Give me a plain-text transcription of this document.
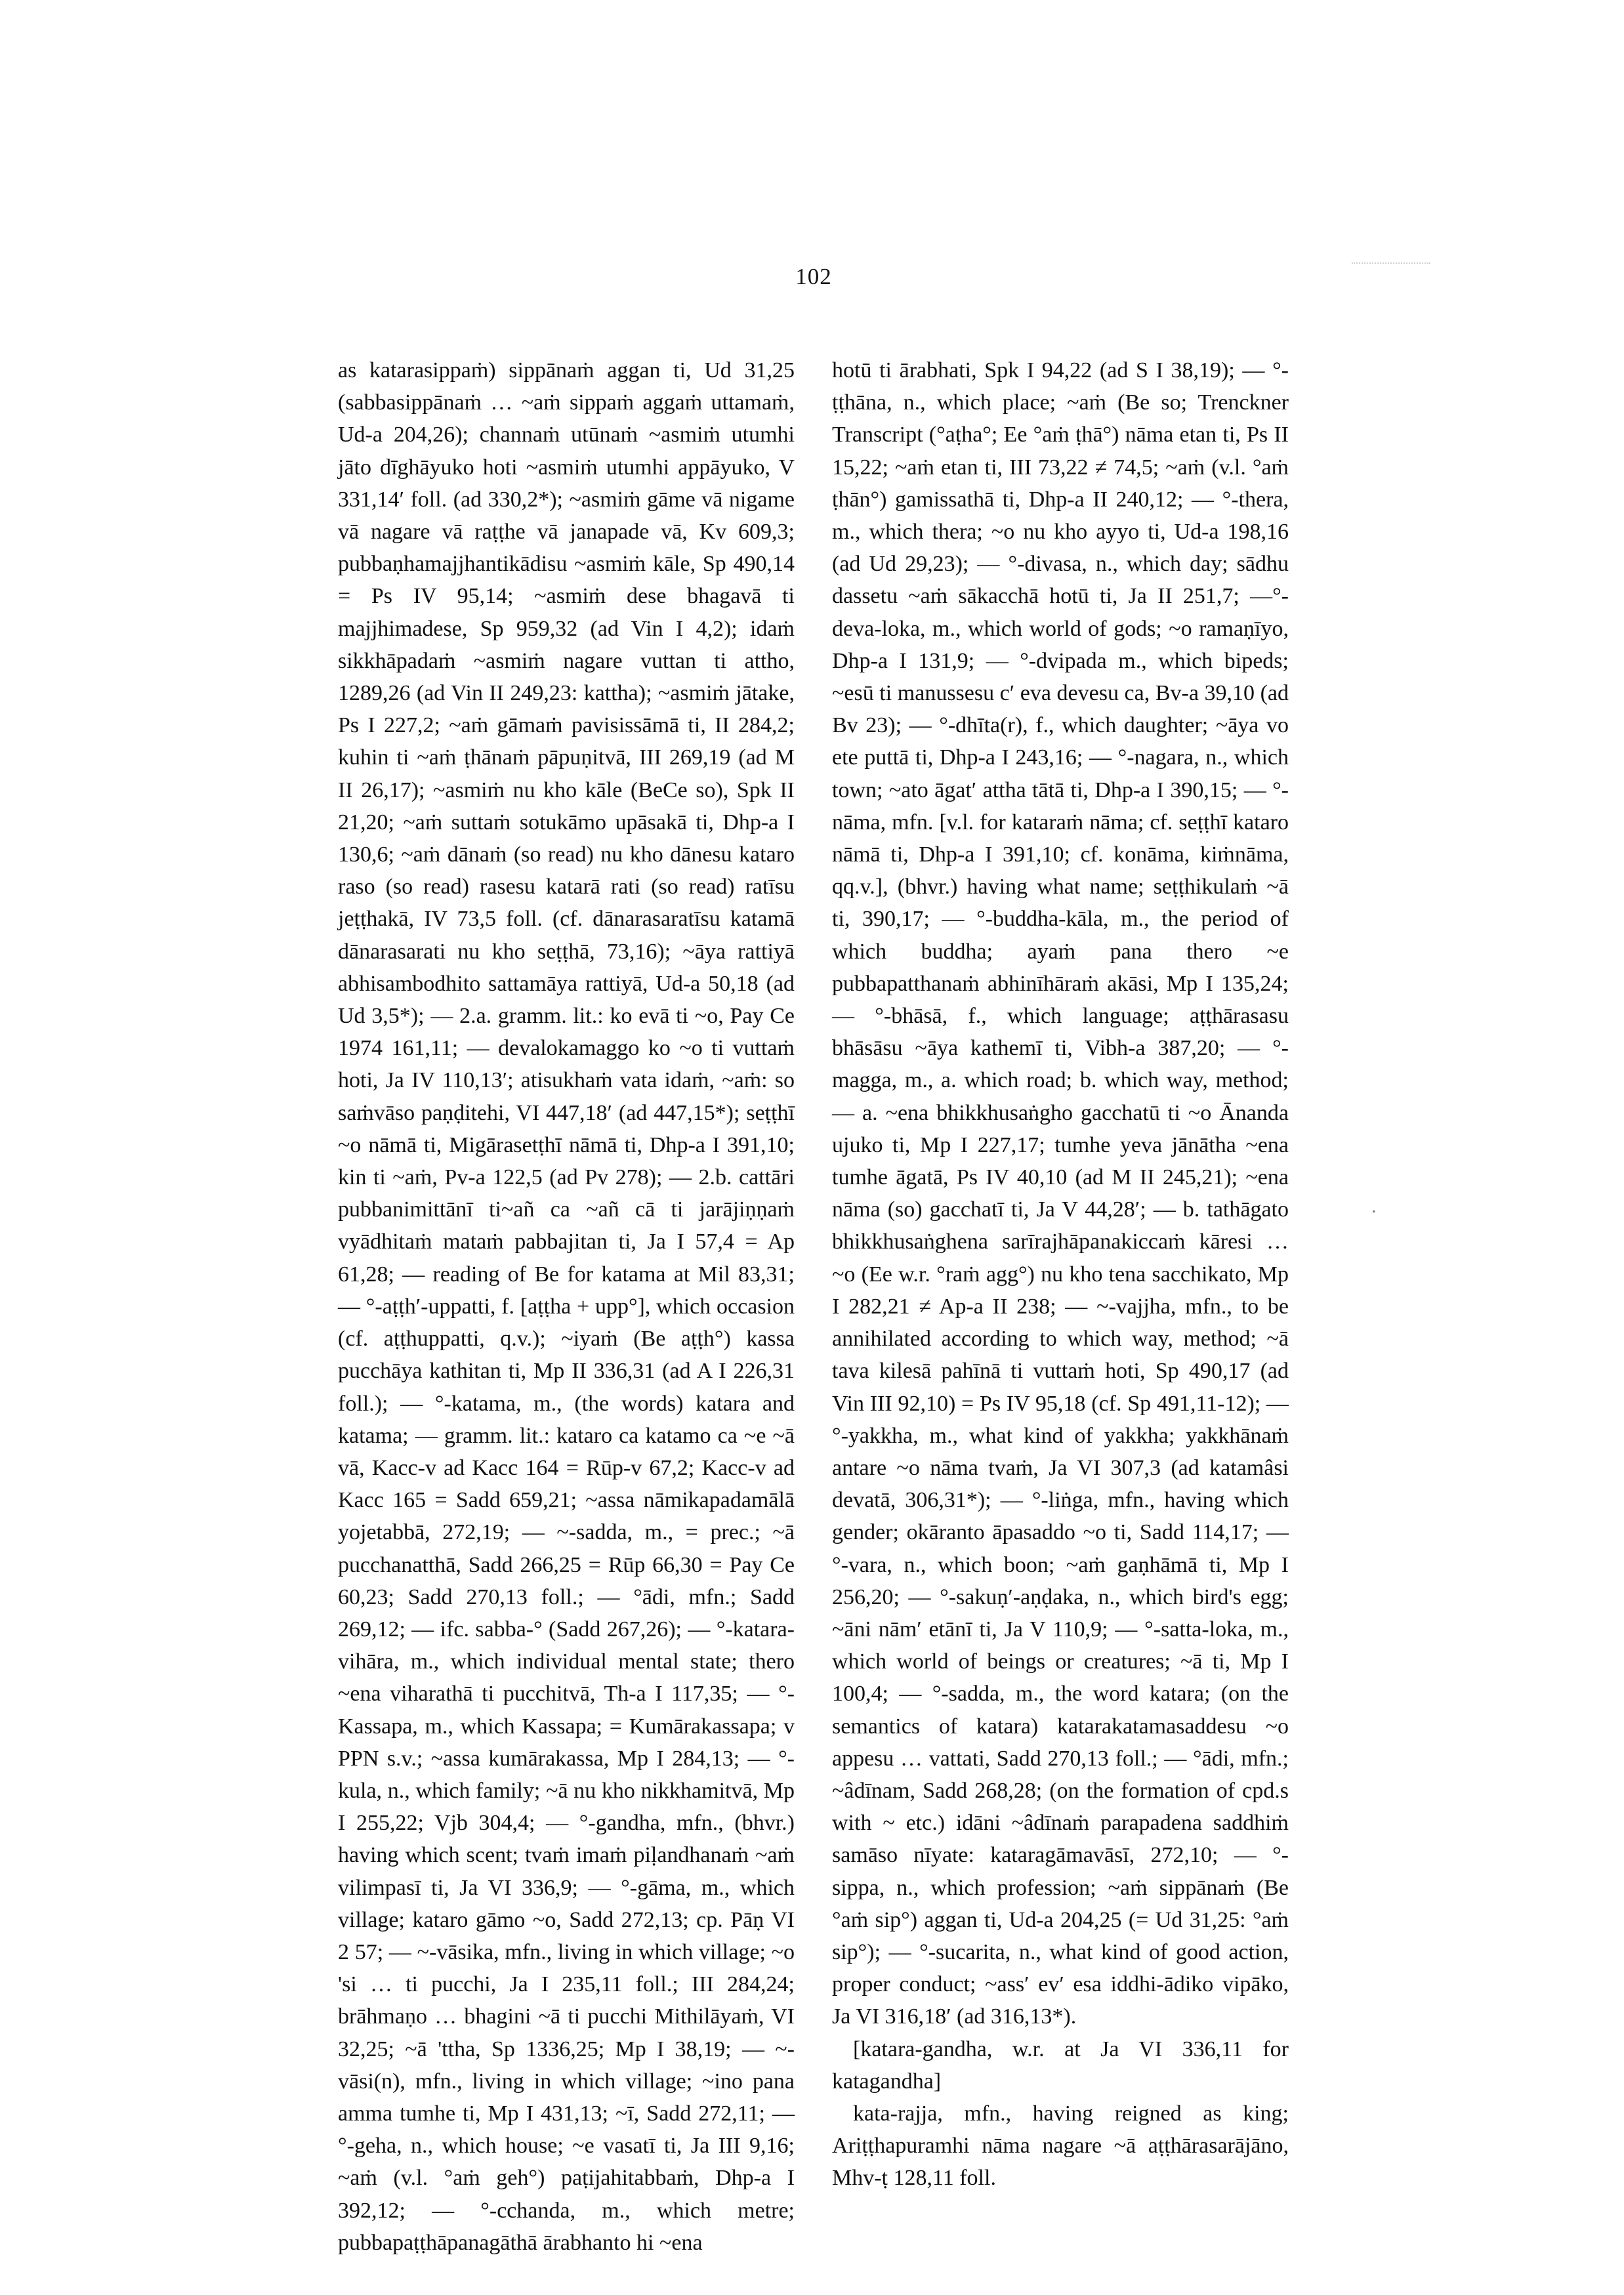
102
.

as katarasippaṁ) sippānaṁ aggan ti, Ud 31,25 (sabbasippānaṁ … ~aṁ sippaṁ aggaṁ uttamaṁ, Ud-a 204,26); channaṁ utūnaṁ ~asmiṁ utumhi jāto dīghāyuko hoti ~asmiṁ utumhi appāyuko, V 331,14′ foll. (ad 330,2*); ~asmiṁ gāme vā nigame vā nagare vā raṭṭhe vā janapade vā, Kv 609,3; pubbaṇhamajjhantikādisu ~asmiṁ kāle, Sp 490,14 = Ps IV 95,14; ~asmiṁ dese bhagavā ti majjhimadese, Sp 959,32 (ad Vin I 4,2); idaṁ sikkhāpadaṁ ~asmiṁ nagare vuttan ti attho, 1289,26 (ad Vin II 249,23: kattha); ~asmiṁ jātake, Ps I 227,2; ~aṁ gāmaṁ pavisissāmā ti, II 284,2; kuhin ti ~aṁ ṭhānaṁ pāpuṇitvā, III 269,19 (ad M II 26,17); ~asmiṁ nu kho kāle (BeCe so), Spk II 21,20; ~aṁ suttaṁ sotukāmo upāsakā ti, Dhp-a I 130,6; ~aṁ dānaṁ (so read) nu kho dānesu kataro raso (so read) rasesu katarā rati (so read) ratīsu jeṭṭhakā, IV 73,5 foll. (cf. dānarasaratīsu katamā dānarasarati nu kho seṭṭhā, 73,16); ~āya rattiyā abhisambodhito sattamāya rattiyā, Ud-a 50,18 (ad Ud 3,5*); — 2.a. gramm. lit.: ko evā ti ~o, Pay Ce 1974 161,11; — devalokamaggo ko ~o ti vuttaṁ hoti, Ja IV 110,13′; atisukhaṁ vata idaṁ, ~aṁ: so saṁvāso paṇḍitehi, VI 447,18′ (ad 447,15*); seṭṭhī ~o nāmā ti, Migārasetṭhī nāmā ti, Dhp-a I 391,10; kin ti ~aṁ, Pv-a 122,5 (ad Pv 278); — 2.b. cattāri pubbanimittānī ti~añ ca ~añ cā ti jarājiṇṇaṁ vyādhitaṁ mataṁ pabbajitan ti, Ja I 57,4 = Ap 61,28; — reading of Be for katama at Mil 83,31; — °-aṭṭh′-uppatti, f. [aṭṭha + upp°], which occasion (cf. aṭṭhuppatti, q.v.); ~iyaṁ (Be aṭṭh°) kassa pucchāya kathitan ti, Mp II 336,31 (ad A I 226,31 foll.); — °-katama, m., (the words) katara and katama; — gramm. lit.: kataro ca katamo ca ~e ~ā vā, Kacc-v ad Kacc 164 = Rūp-v 67,2; Kacc-v ad Kacc 165 = Sadd 659,21; ~assa nāmikapadamālā yojetabbā, 272,19; — ~-sadda, m., = prec.; ~ā pucchanatthā, Sadd 266,25 = Rūp 66,30 = Pay Ce 60,23; Sadd 270,13 foll.; — °ādi, mfn.; Sadd 269,12; — ifc. sabba-° (Sadd 267,26); — °-katara-vihāra, m., which individual mental state; thero ~ena viharathā ti pucchitvā, Th-a I 117,35; — °-Kassapa, m., which Kassapa; = Kumārakassapa; v PPN s.v.; ~assa kumārakassa, Mp I 284,13; — °-kula, n., which family; ~ā nu kho nikkhamitvā, Mp I 255,22; Vjb 304,4; — °-gandha, mfn., (bhvr.) having which scent; tvaṁ imaṁ piḷandhanaṁ ~aṁ vilimpasī ti, Ja VI 336,9; — °-gāma, m., which village; kataro gāmo ~o, Sadd 272,13; cp. Pāṇ VI 2 57; — ~-vāsika, mfn., living in which village; ~o 'si … ti pucchi, Ja I 235,11 foll.; III 284,24; brāhmaṇo … bhagini ~ā ti pucchi Mithilāyaṁ, VI 32,25; ~ā 'ttha, Sp 1336,25; Mp I 38,19; — ~-vāsi(n), mfn., living in which village; ~ino pana amma tumhe ti, Mp I 431,13; ~ī, Sadd 272,11; — °-geha, n., which house; ~e vasatī ti, Ja III 9,16; ~aṁ (v.l. °aṁ geh°) paṭijahitabbaṁ, Dhp-a I 392,12; — °-cchanda, m., which metre; pubbapaṭṭhāpanagāthā ārabhanto hi ~ena

hotū ti ārabhati, Spk I 94,22 (ad S I 38,19); — °-ṭṭhāna, n., which place; ~aṁ (Be so; Trenckner Transcript (°aṭha°; Ee °aṁ ṭhā°) nāma etan ti, Ps II 15,22; ~aṁ etan ti, III 73,22 ≠ 74,5; ~aṁ (v.l. °aṁ ṭhān°) gamissathā ti, Dhp-a II 240,12; — °-thera, m., which thera; ~o nu kho ayyo ti, Ud-a 198,16 (ad Ud 29,23); — °-divasa, n., which day; sādhu dassetu ~aṁ sākacchā hotū ti, Ja II 251,7; —°-deva-loka, m., which world of gods; ~o ramaṇīyo, Dhp-a I 131,9; — °-dvipada m., which bipeds; ~esū ti manussesu c′ eva devesu ca, Bv-a 39,10 (ad Bv 23); — °-dhīta(r), f., which daughter; ~āya vo ete puttā ti, Dhp-a I 243,16; — °-nagara, n., which town; ~ato āgat′ attha tātā ti, Dhp-a I 390,15; — °-nāma, mfn. [v.l. for kataraṁ nāma; cf. seṭṭhī kataro nāmā ti, Dhp-a I 391,10; cf. konāma, kiṁnāma, qq.v.], (bhvr.) having what name; seṭṭhikulaṁ ~ā ti, 390,17; — °-buddha-kāla, m., the period of which buddha; ayaṁ pana thero ~e pubbapatthanaṁ abhinīhāraṁ akāsi, Mp I 135,24; — °-bhāsā, f., which language; aṭṭhārasasu bhāsāsu ~āya kathemī ti, Vibh-a 387,20; — °-magga, m., a. which road; b. which way, method; — a. ~ena bhikkhusaṅgho gacchatū ti ~o Ānanda ujuko ti, Mp I 227,17; tumhe yeva jānātha ~ena tumhe āgatā, Ps IV 40,10 (ad M II 245,21); ~ena nāma (so) gacchatī ti, Ja V 44,28′; — b. tathāgato bhikkhusaṅghena sarīrajhāpanakiccaṁ kāresi … ~o (Ee w.r. °raṁ agg°) nu kho tena sacchikato, Mp I 282,21 ≠ Ap-a II 238; — ~-vajjha, mfn., to be annihilated according to which way, method; ~ā tava kilesā pahīnā ti vuttaṁ hoti, Sp 490,17 (ad Vin III 92,10) = Ps IV 95,18 (cf. Sp 491,11-12); — °-yakkha, m., what kind of yakkha; yakkhānaṁ antare ~o nāma tvaṁ, Ja VI 307,3 (ad katamâsi devatā, 306,31*); — °-liṅga, mfn., having which gender; okāranto āpasaddo ~o ti, Sadd 114,17; — °-vara, n., which boon; ~aṁ gaṇhāmā ti, Mp I 256,20; — °-sakuṇ′-aṇḍaka, n., which bird's egg; ~āni nām′ etānī ti, Ja V 110,9; — °-satta-loka, m., which world of beings or creatures; ~ā ti, Mp I 100,4; — °-sadda, m., the word katara; (on the semantics of katara) katarakatamasaddesu ~o appesu … vattati, Sadd 270,13 foll.; — °ādi, mfn.; ~âdīnam, Sadd 268,28; (on the formation of cpd.s with ~ etc.) idāni ~âdīnaṁ parapadena saddhiṁ samāso nīyate: kataragāmavāsī, 272,10; — °-sippa, n., which profession; ~aṁ sippānaṁ (Be °aṁ sip°) aggan ti, Ud-a 204,25 (= Ud 31,25: °aṁ sip°); — °-sucarita, n., what kind of good action, proper conduct; ~ass′ ev′ esa iddhi-ādiko vipāko, Ja VI 316,18′ (ad 316,13*).

[katara-gandha, w.r. at Ja VI 336,11 for katagandha]

kata-rajja, mfn., having reigned as king; Ariṭṭhapuramhi nāma nagare ~ā aṭṭhārasarājāno, Mhv-ṭ 128,11 foll.
